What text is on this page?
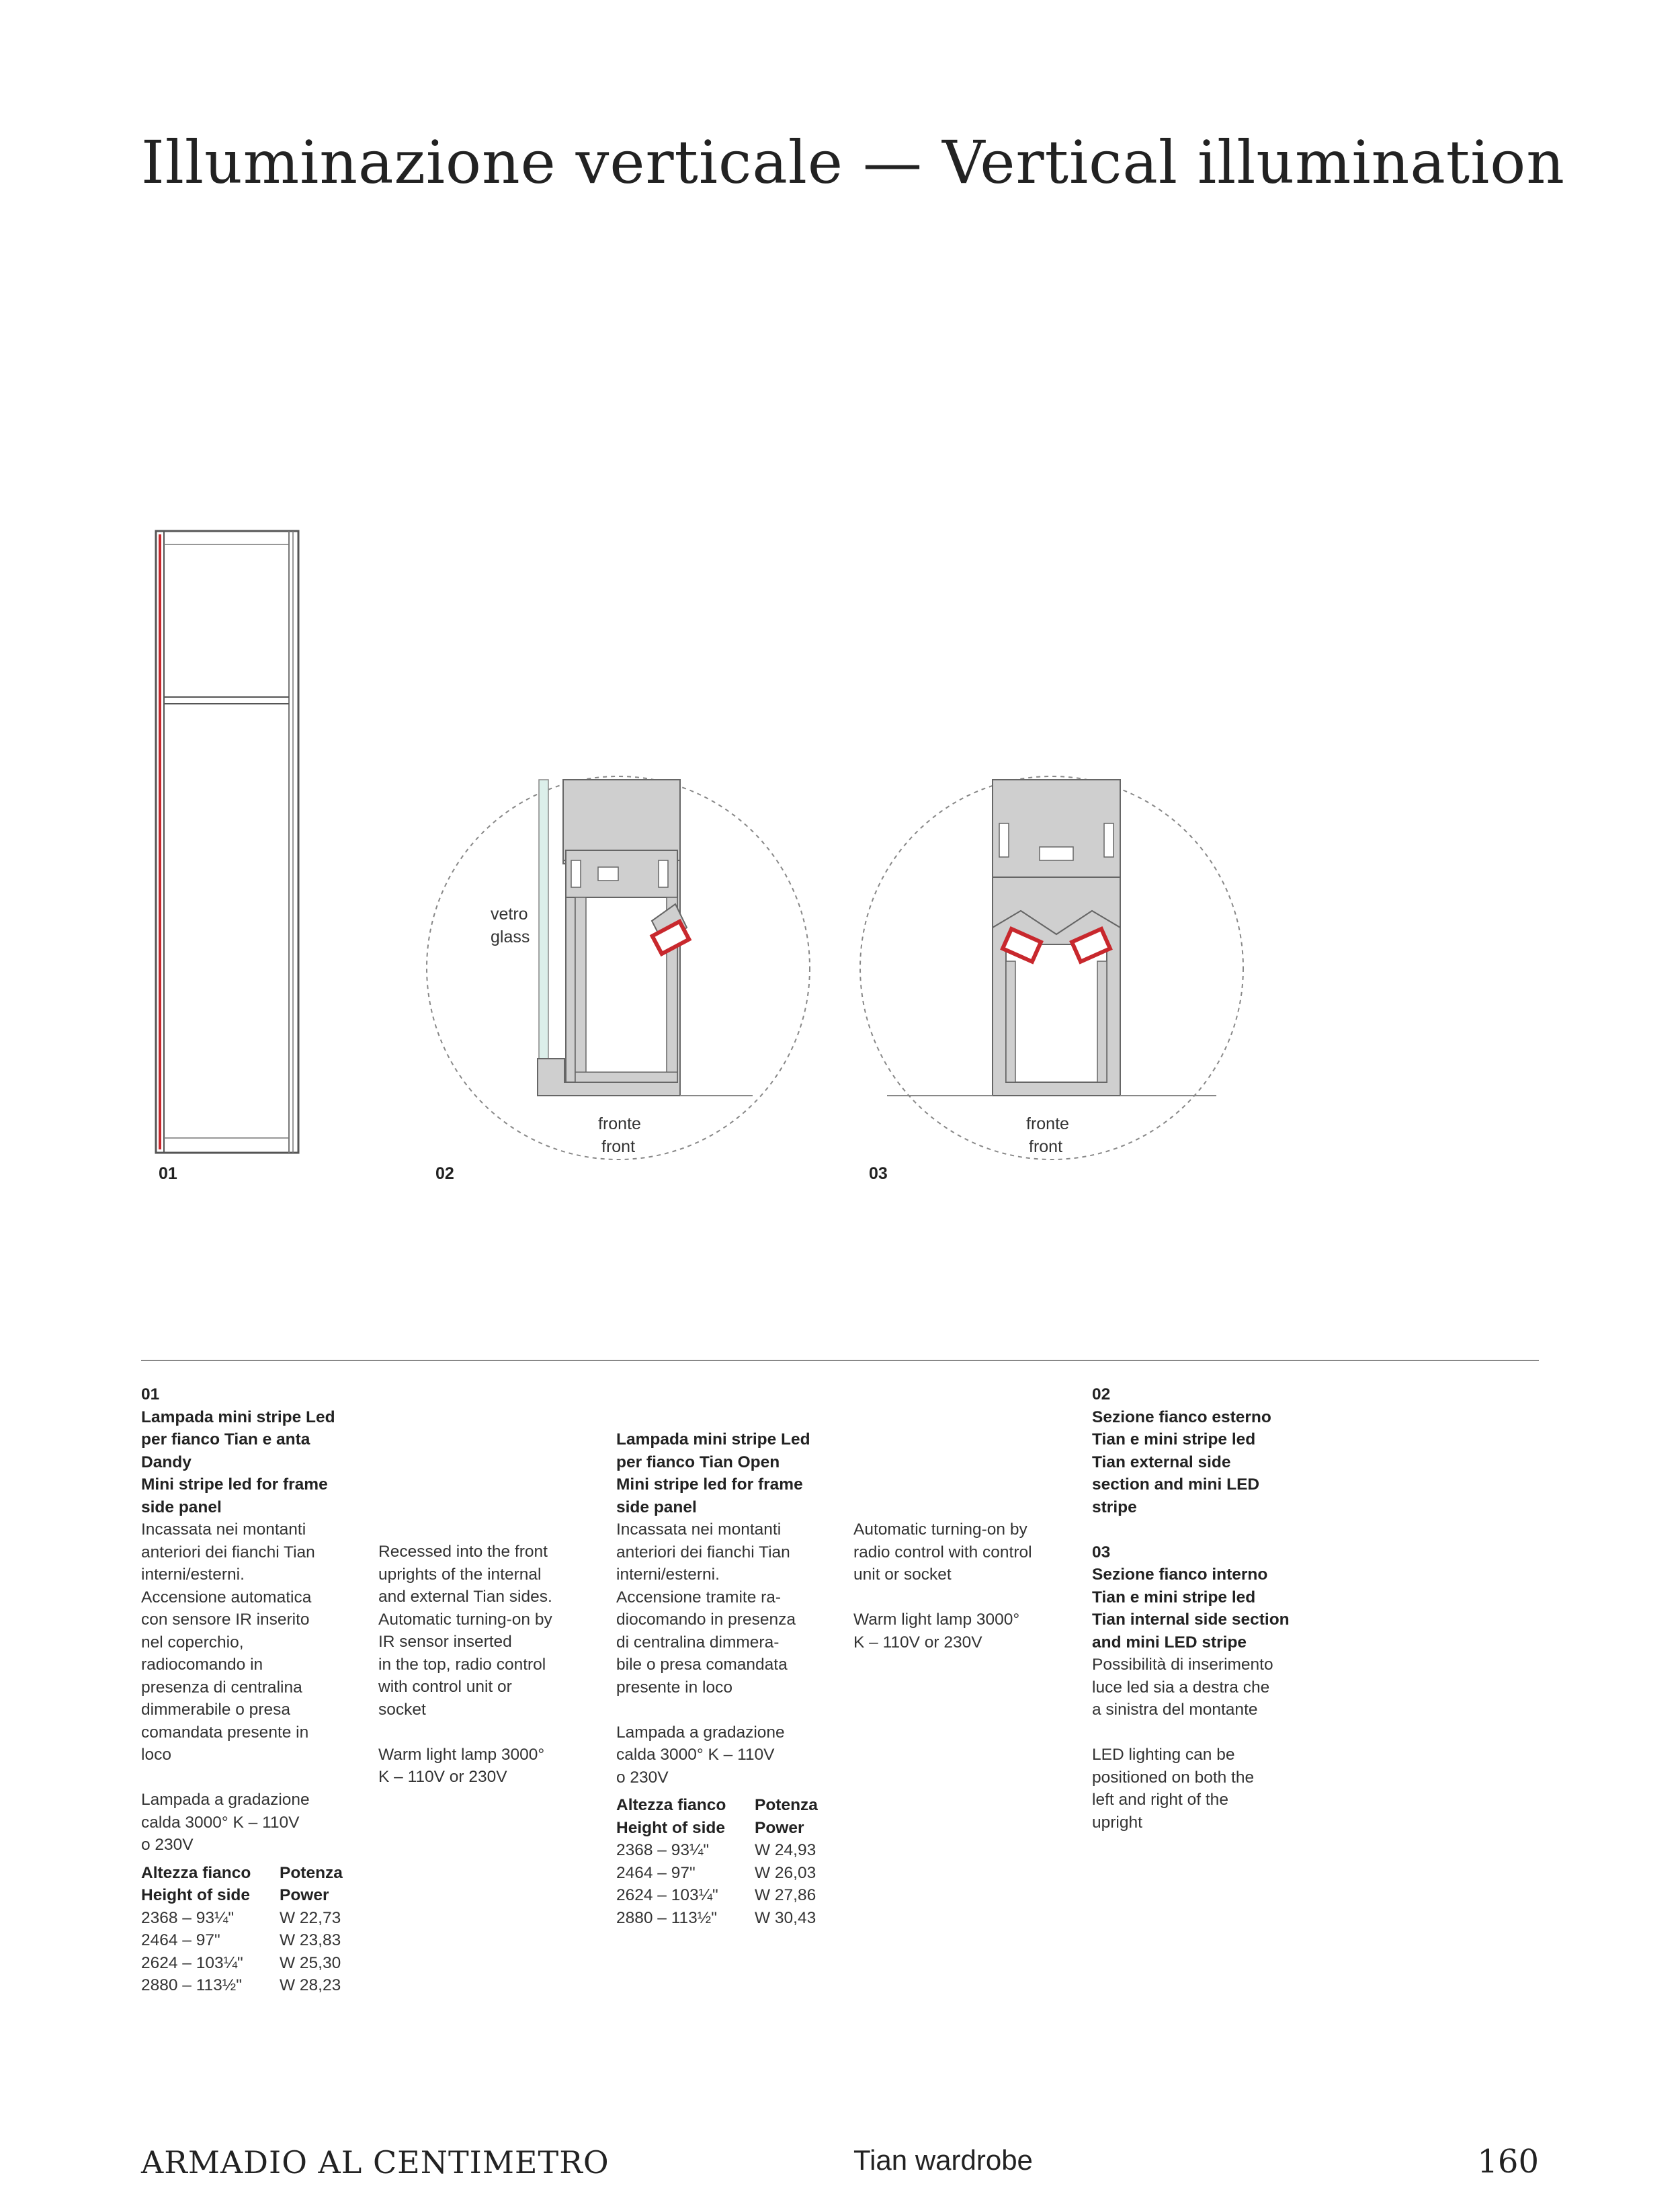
Illuminazione verticale — Vertical illumination
01
vetro
glass
fronte
front
02
fronte
front
03

01

Lampada mini stripe Led
per fianco Tian e anta
Dandy
Mini stripe led for frame
side panel

Incassata nei montanti
anteriori dei fianchi Tian
interni/esterni.
Accensione automatica
con sensore IR inserito
nel coperchio,
radiocomando in
presenza di centralina
dimmerabile o presa
comandata presente in
loco

Lampada a gradazione
calda 3000° K – 110V
o 230V

Altezza fianco	Potenza
Height of side	Power
2368 – 93¼"	W 22,73
2464 – 97"	W 23,83
2624 – 103¼"	W 25,30
2880 – 113½"	W 28,23

Recessed into the front
uprights of the internal
and external Tian sides.
Automatic turning-on by
IR sensor inserted
in the top, radio control
with control unit or
socket

Warm light lamp 3000°
K – 110V or 230V

Lampada mini stripe Led
per fianco Tian Open
Mini stripe led for frame
side panel

Incassata nei montanti
anteriori dei fianchi Tian
interni/esterni.
Accensione tramite ra-
diocomando in presenza
di centralina dimmera-
bile o presa comandata
presente in loco

Lampada a gradazione
calda 3000° K – 110V
o 230V

Altezza fianco	Potenza
Height of side	Power
2368 – 93¼"	W 24,93
2464 – 97"	W 26,03
2624 – 103¼"	W 27,86
2880 – 113½"	W 30,43

Automatic turning-on by
radio control with control
unit or socket

Warm light lamp 3000°
K – 110V or 230V

02

Sezione fianco esterno
Tian e mini stripe led
Tian external side
section and mini LED
stripe

03

Sezione fianco interno
Tian e mini stripe led
Tian internal side section
and mini LED stripe

Possibilità di inserimento
luce led sia a destra che
a sinistra del montante

LED lighting can be
positioned on both the
left and right of the
upright

ARMADIO AL CENTIMETRO	Tian wardrobe	160
